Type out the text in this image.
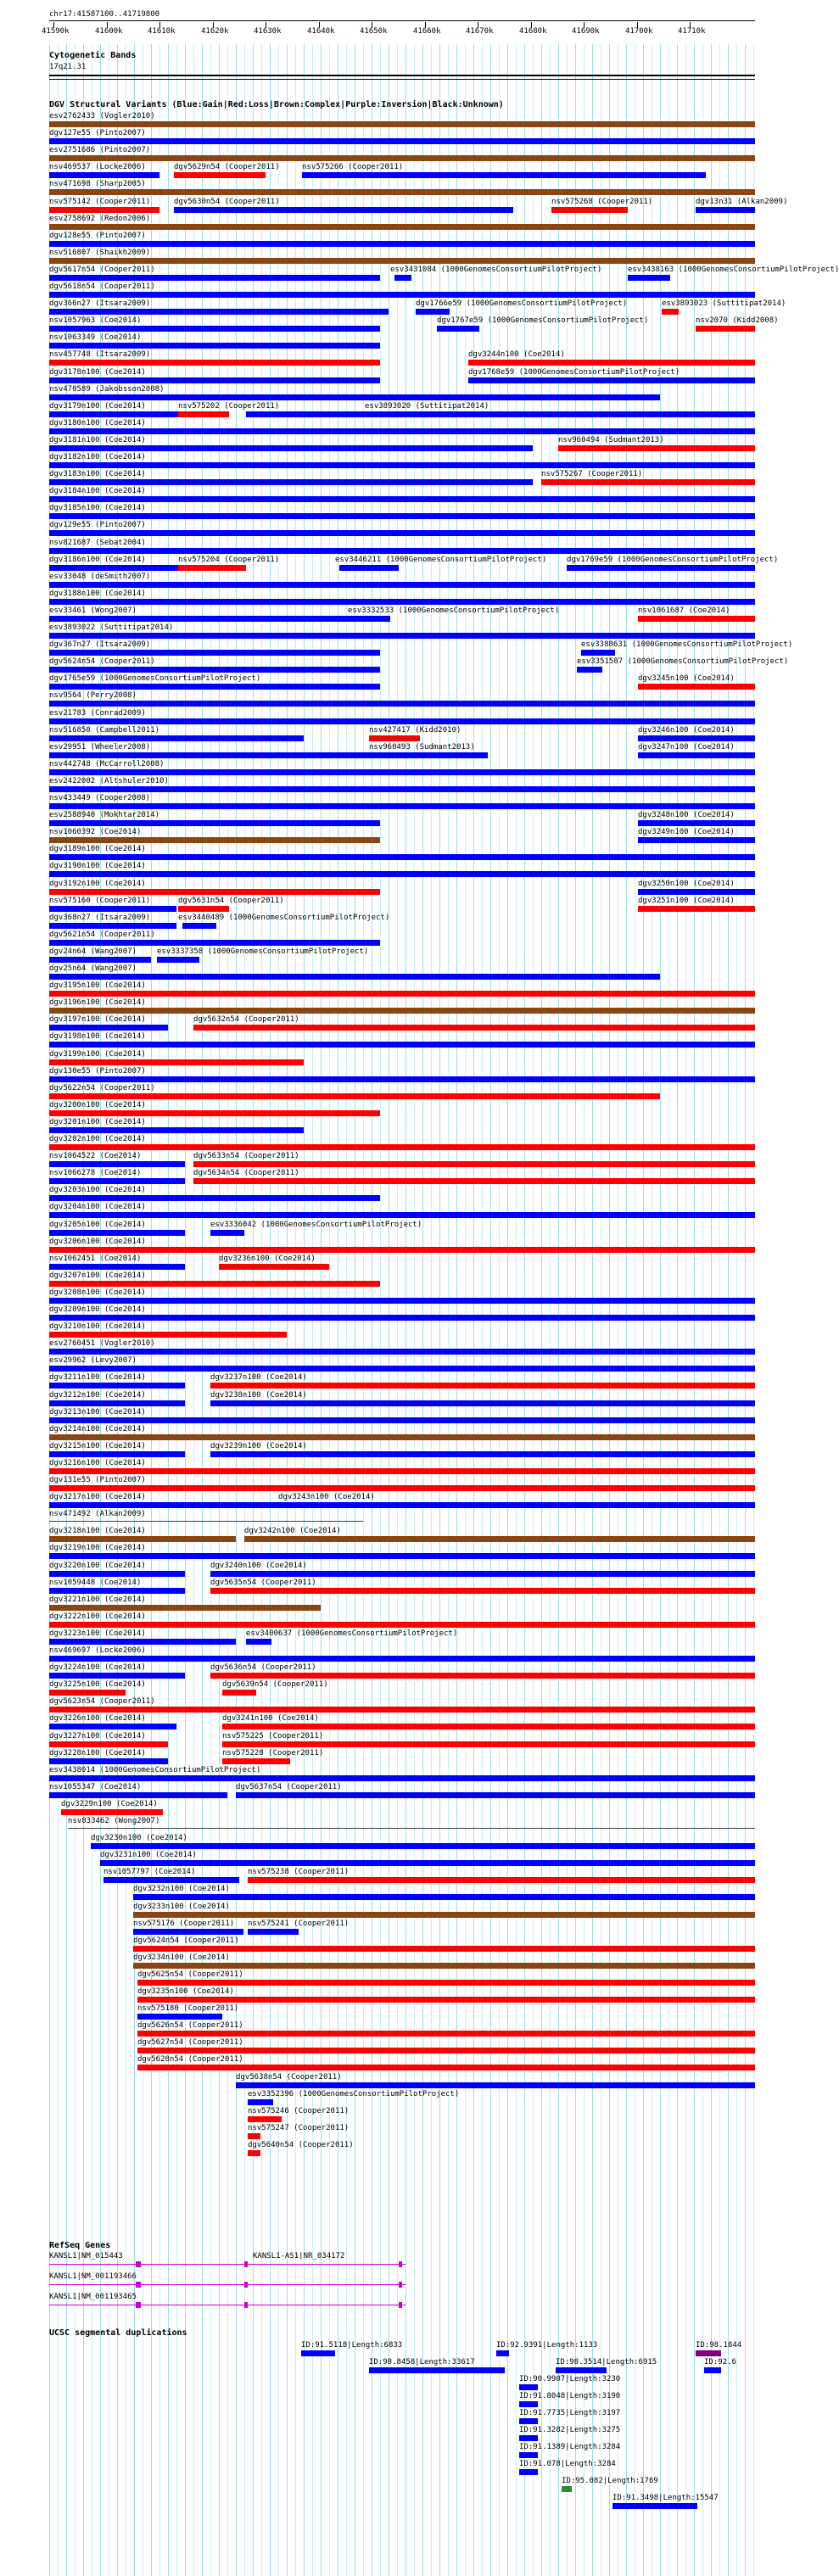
chr17:41587100..41719800
41590k	41600k	41610k	41620k	41630k	41640k	41650k	41660k	41670k	41680k	41690k	41700k	41710k
Cytogenetic Bands
17q21.31
DGV Structural Variants (Blue:Gain|Red:Loss|Brown:Complex|Purple:Inversion|Black:Unknown)
esv2762433 (Vogler2010)
dgv127e55 (Pinto2007)
esv2751686 (Pinto2007)
nsv469537 (Locke2006)	dgv5629n54 (Cooper2011)	nsv575266 (Cooper2011)
nsv471698 (Sharp2005)
nsv575142 (Cooper2011)	dgv5630n54 (Cooper2011)	nsv575268 (Cooper2011)	dgv13n31 (Alkan2009)
esv2758692 (Redon2006)
dgv128e55 (Pinto2007)
nsv516807 (Shaikh2009)
dgv5617n54 (Cooper2011)	esv3431084 (1000GenomesConsortiumPilotProject)	esv3438163 (1000GenomesConsortiumPilotProject)
dgv5618n54 (Cooper2011)
dgv366n27 (Itsara2009)	dgv1766e59 (1000GenomesConsortiumPilotProject)	esv3893023 (Suttitipat2014)
nsv1057963 (Coe2014)	dgv1767e59 (1000GenomesConsortiumPilotProject)	nsv2070 (Kidd2008)
nsv1063349 (Coe2014)
nsv457748 (Itsara2009)	dgv3244n100 (Coe2014)
dgv3178n100 (Coe2014)	dgv1768e59 (1000GenomesConsortiumPilotProject)
nsv470589 (Jakobsson2008)
dgv3179n100 (Coe2014)	nsv575202 (Cooper2011)	esv3893020 (Suttitipat2014)
dgv3180n100 (Coe2014)
dgv3181n100 (Coe2014)	nsv960494 (Sudmant2013)
dgv3182n100 (Coe2014)
dgv3183n100 (Coe2014)	nsv575267 (Cooper2011)
dgv3184n100 (Coe2014)
dgv3185n100 (Coe2014)
dgv129e55 (Pinto2007)
nsv821687 (Sebat2004)
dgv3186n100 (Coe2014)	nsv575204 (Cooper2011)	esv3446211 (1000GenomesConsortiumPilotProject)	dgv1769e59 (1000GenomesConsortiumPilotProject)
esv33048 (deSmith2007)
dgv3188n100 (Coe2014)
esv33461 (Wong2007)	esv3332533 (1000GenomesConsortiumPilotProject)	nsv1061687 (Coe2014)
esv3893022 (Suttitipat2014)
dgv367n27 (Itsara2009)	esv3388631 (1000GenomesConsortiumPilotProject)
dgv5624n54 (Cooper2011)	esv3351587 (1000GenomesConsortiumPilotProject)
dgv1765e59 (1000GenomesConsortiumPilotProject)	dgv3245n100 (Coe2014)
nsv9564 (Perry2008)
esv21783 (Conrad2009)
nsv516850 (Campbell2011)	nsv427417 (Kidd2010)	dgv3246n100 (Coe2014)
esv29951 (Wheeler2008)	nsv960493 (Sudmant2013)	dgv3247n100 (Coe2014)
nsv442748 (McCarroll2008)
esv2422002 (Altshuler2010)
nsv433449 (Cooper2008)
esv2588940 (Mokhtar2014)	dgv3248n100 (Coe2014)
nsv1060392 (Coe2014)	dgv3249n100 (Coe2014)
dgv3189n100 (Coe2014)
dgv3190n100 (Coe2014)
dgv3192n100 (Coe2014)	dgv3250n100 (Coe2014)
nsv575160 (Cooper2011)	dgv5631n54 (Cooper2011)	dgv3251n100 (Coe2014)
dgv368n27 (Itsara2009)	esv3440489 (1000GenomesConsortiumPilotProject)
dgv5621n54 (Cooper2011)
dgv24n64 (Wang2007)	esv3337358 (1000GenomesConsortiumPilotProject)
dgv25n64 (Wang2007)
dgv3195n100 (Coe2014)
dgv3196n100 (Coe2014)
dgv3197n100 (Coe2014)	dgv5632n54 (Cooper2011)
dgv3198n100 (Coe2014)
dgv3199n100 (Coe2014)
dgv130e55 (Pinto2007)
dgv5622n54 (Cooper2011)
dgv3200n100 (Coe2014)
dgv3201n100 (Coe2014)
dgv3202n100 (Coe2014)
nsv1064522 (Coe2014)	dgv5633n54 (Cooper2011)
nsv1066278 (Coe2014)	dgv5634n54 (Cooper2011)
dgv3203n100 (Coe2014)
dgv3204n100 (Coe2014)
dgv3205n100 (Coe2014)	esv3336042 (1000GenomesConsortiumPilotProject)
dgv3206n100 (Coe2014)
nsv1062451 (Coe2014)	dgv3236n100 (Coe2014)
dgv3207n100 (Coe2014)
dgv3208n100 (Coe2014)
dgv3209n100 (Coe2014)
dgv3210n100 (Coe2014)
esv2760451 (Vogler2010)
esv29962 (Levy2007)
dgv3211n100 (Coe2014)	dgv3237n100 (Coe2014)
dgv3212n100 (Coe2014)	dgv3238n100 (Coe2014)
dgv3213n100 (Coe2014)
dgv3214n100 (Coe2014)
dgv3215n100 (Coe2014)	dgv3239n100 (Coe2014)
dgv3216n100 (Coe2014)
dgv131e55 (Pinto2007)
dgv3217n100 (Coe2014)	dgv3243n100 (Coe2014)
nsv471492 (Alkan2009)
dgv3218n100 (Coe2014)	dgv3242n100 (Coe2014)
dgv3219n100 (Coe2014)
dgv3220n100 (Coe2014)	dgv3240n100 (Coe2014)
nsv1059448 (Coe2014)	dgv5635n54 (Cooper2011)
dgv3221n100 (Coe2014)
dgv3222n100 (Coe2014)
dgv3223n100 (Coe2014)	esv3400637 (1000GenomesConsortiumPilotProject)
nsv469697 (Locke2006)
dgv3224n100 (Coe2014)	dgv5636n54 (Cooper2011)
dgv3225n100 (Coe2014)	dgv5639n54 (Cooper2011)
dgv5623n54 (Cooper2011)
dgv3226n100 (Coe2014)	dgv3241n100 (Coe2014)
dgv3227n100 (Coe2014)	nsv575225 (Cooper2011)
dgv3228n100 (Coe2014)	nsv575228 (Cooper2011)
esv3438014 (1000GenomesConsortiumPilotProject)
nsv1055347 (Coe2014)	dgv5637n54 (Cooper2011)
dgv3229n100 (Coe2014)
nsv833462 (Wong2007)
dgv3230n100 (Coe2014)
dgv3231n100 (Coe2014)
nsv1057797 (Coe2014)	nsv575238 (Cooper2011)
dgv3232n100 (Coe2014)
dgv3233n100 (Coe2014)
nsv575176 (Cooper2011) nsv575241 (Cooper2011)
dgv5624n54 (Cooper2011)
dgv3234n100 (Coe2014)
dgv5625n54 (Cooper2011)
dgv3235n100 (Coe2014)
nsv575180 (Cooper2011)
dgv5626n54 (Cooper2011)
dgv5627n54 (Cooper2011)
dgv5628n54 (Cooper2011)
dgv5638n54 (Cooper2011)
esv3352396 (1000GenomesConsortiumPilotProject)
nsv575246 (Cooper2011)
nsv575247 (Cooper2011)
dgv5640n54 (Cooper2011)
RefSeq Genes
KANSL1|NM_015443	KANSL1-AS1|NR_034172
KANSL1|NM_001193466
KANSL1|NM_001193465
UCSC segmental duplications
ID:91.5118|Length:6833	ID:92.9391|Length:1133	ID:98.1844
ID:98.8458|Length:33617	ID:98.3514|Length:6915	ID:92.6
ID:90.9907|Length:3230
ID:91.8048|Length:3190
ID:91.7735|Length:3197
ID:91.3282|Length:3275
ID:91.1389|Length:3284
ID:91.078|Length:3284
ID:95.082|Length:1769
ID:91.3498|Length:15547
